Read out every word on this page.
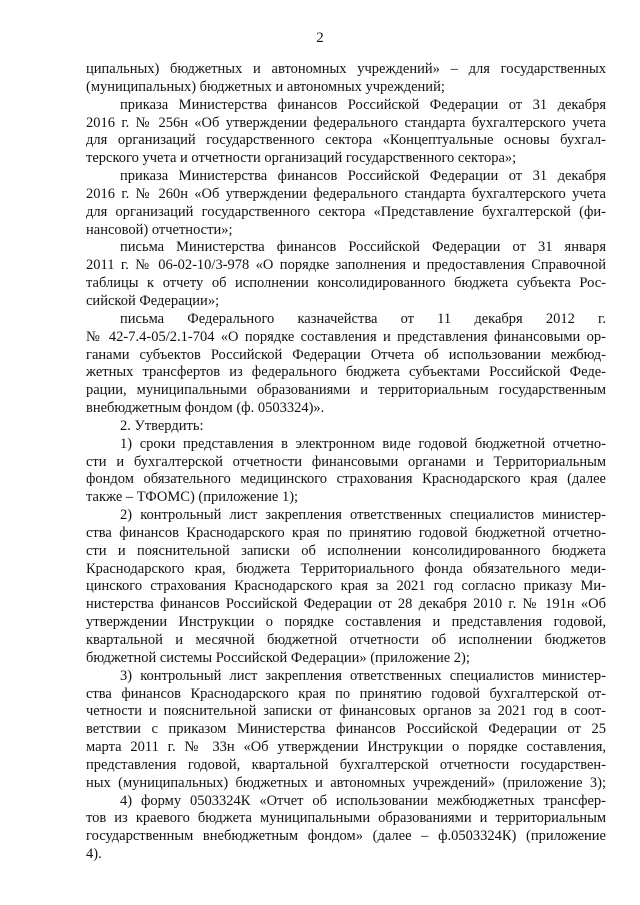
2
ципальных) бюджетных и автономных учреждений» – для государственных
(муниципальных) бюджетных и автономных учреждений;
приказа Министерства финансов Российской Федерации от 31 декабря
2016 г. № 256н «Об утверждении федерального стандарта бухгалтерского учета
для организаций государственного сектора «Концептуальные основы бухгал-
терского учета и отчетности организаций государственного сектора»;
приказа Министерства финансов Российской Федерации от 31 декабря
2016 г. № 260н «Об утверждении федерального стандарта бухгалтерского учета
для организаций государственного сектора «Представление бухгалтерской (фи-
нансовой) отчетности»;
письма Министерства финансов Российской Федерации от 31 января
2011 г. № 06-02-10/3-978 «О порядке заполнения и предоставления Справочной
таблицы к отчету об исполнении консолидированного бюджета субъекта Рос-
сийской Федерации»;
письма Федерального казначейства от 11 декабря 2012 г.
№ 42-7.4-05/2.1-704 «О порядке составления и представления финансовыми ор-
ганами субъектов Российской Федерации Отчета об использовании межбюд-
жетных трансфертов из федерального бюджета субъектами Российской Феде-
рации, муниципальными образованиями и территориальным государственным
внебюджетным фондом (ф. 0503324)».
2. Утвердить:
1) сроки представления в электронном виде годовой бюджетной отчетно-
сти и бухгалтерской отчетности финансовыми органами и Территориальным
фондом обязательного медицинского страхования Краснодарского края (далее
также – ТФОМС) (приложение 1);
2) контрольный лист закрепления ответственных специалистов министер-
ства финансов Краснодарского края по принятию годовой бюджетной отчетно-
сти и пояснительной записки об исполнении консолидированного бюджета
Краснодарского края, бюджета Территориального фонда обязательного меди-
цинского страхования Краснодарского края за 2021 год согласно приказу Ми-
нистерства финансов Российской Федерации от 28 декабря 2010 г. № 191н «Об
утверждении Инструкции о порядке составления и представления годовой,
квартальной и месячной бюджетной отчетности об исполнении бюджетов
бюджетной системы Российской Федерации» (приложение 2);
3) контрольный лист закрепления ответственных специалистов министер-
ства финансов Краснодарского края по принятию годовой бухгалтерской от-
четности и пояснительной записки от финансовых органов за 2021 год в соот-
ветствии с приказом Министерства финансов Российской Федерации от 25
марта 2011 г. № 33н «Об утверждении Инструкции о порядке составления,
представления годовой, квартальной бухгалтерской отчетности государствен-
ных (муниципальных) бюджетных и автономных учреждений» (приложение 3);
4) форму 0503324К «Отчет об использовании межбюджетных трансфер-
тов из краевого бюджета муниципальными образованиями и территориальным
государственным внебюджетным фондом» (далее – ф.0503324К) (приложение
4).
